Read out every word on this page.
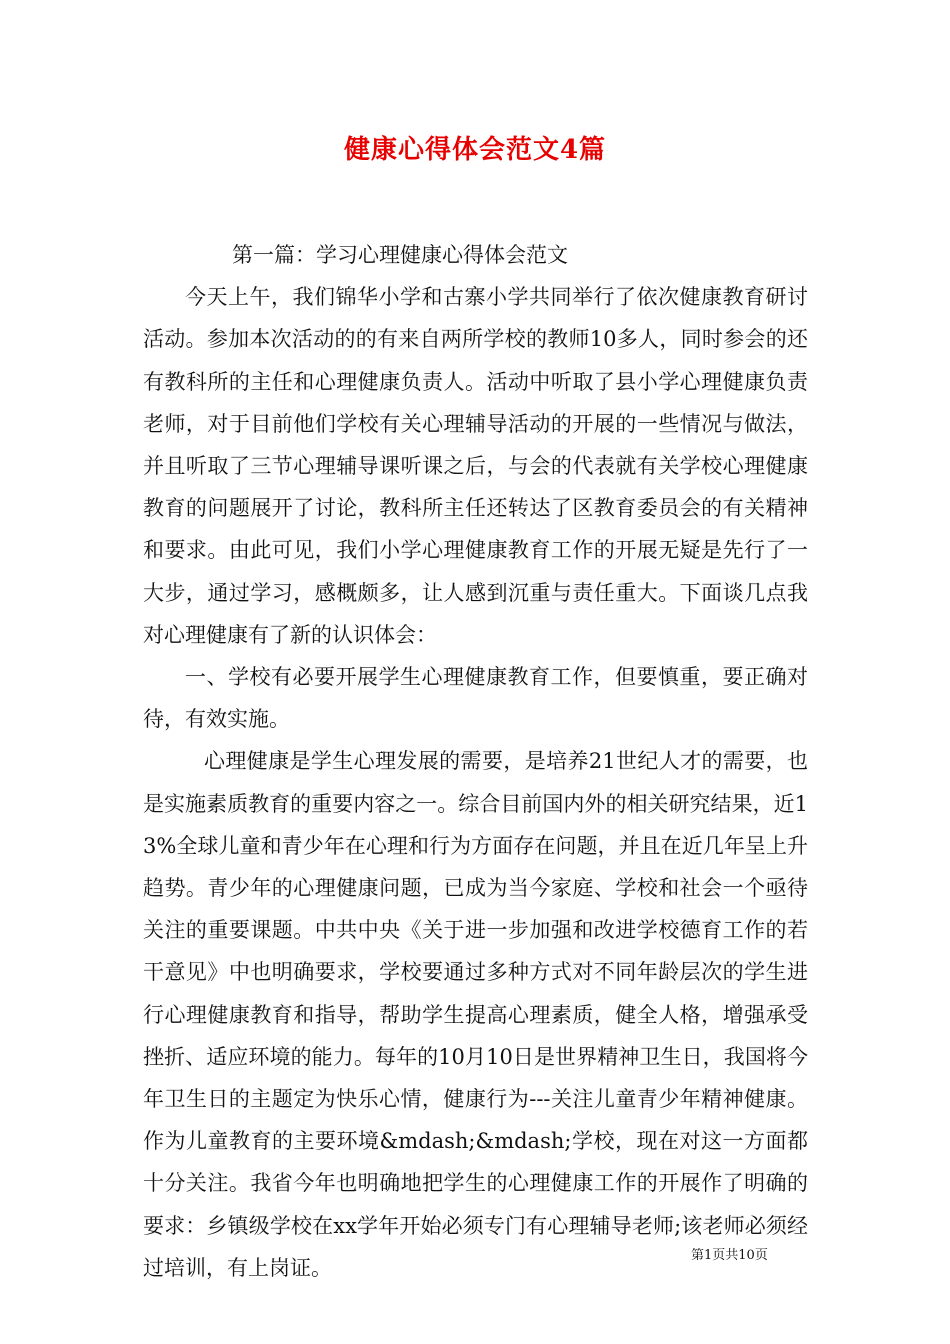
健康心得体会范文4篇

第一篇：学习心理健康心得体会范文

今天上午，我们锦华小学和古寨小学共同举行了依次健康教育研讨活动。参加本次活动的的有来自两所学校的教师10多人，同时参会的还有教科所的主任和心理健康负责人。活动中听取了县小学心理健康负责老师，对于目前他们学校有关心理辅导活动的开展的一些情况与做法，并且听取了三节心理辅导课听课之后，与会的代表就有关学校心理健康教育的问题展开了讨论，教科所主任还转达了区教育委员会的有关精神和要求。由此可见，我们小学心理健康教育工作的开展无疑是先行了一大步，通过学习，感概颇多，让人感到沉重与责任重大。下面谈几点我对心理健康有了新的认识体会：

一、学校有必要开展学生心理健康教育工作，但要慎重，要正确对待，有效实施。

心理健康是学生心理发展的需要，是培养21世纪人才的需要，也是实施素质教育的重要内容之一。综合目前国内外的相关研究结果，近13%全球儿童和青少年在心理和行为方面存在问题，并且在近几年呈上升趋势。青少年的心理健康问题，已成为当今家庭、学校和社会一个亟待关注的重要课题。中共中央《关于进一步加强和改进学校德育工作的若干意见》中也明确要求，学校要通过多种方式对不同年龄层次的学生进行心理健康教育和指导，帮助学生提高心理素质，健全人格，增强承受挫折、适应环境的能力。每年的10月10日是世界精神卫生日，我国将今年卫生日的主题定为快乐心情，健康行为---关注儿童青少年精神健康。作为儿童教育的主要环境&mdash;&mdash;学校，现在对这一方面都十分关注。我省今年也明确地把学生的心理健康工作的开展作了明确的要求：乡镇级学校在xx学年开始必须专门有心理辅导老师;该老师必须经过培训，有上岗证。

第1页共10页
